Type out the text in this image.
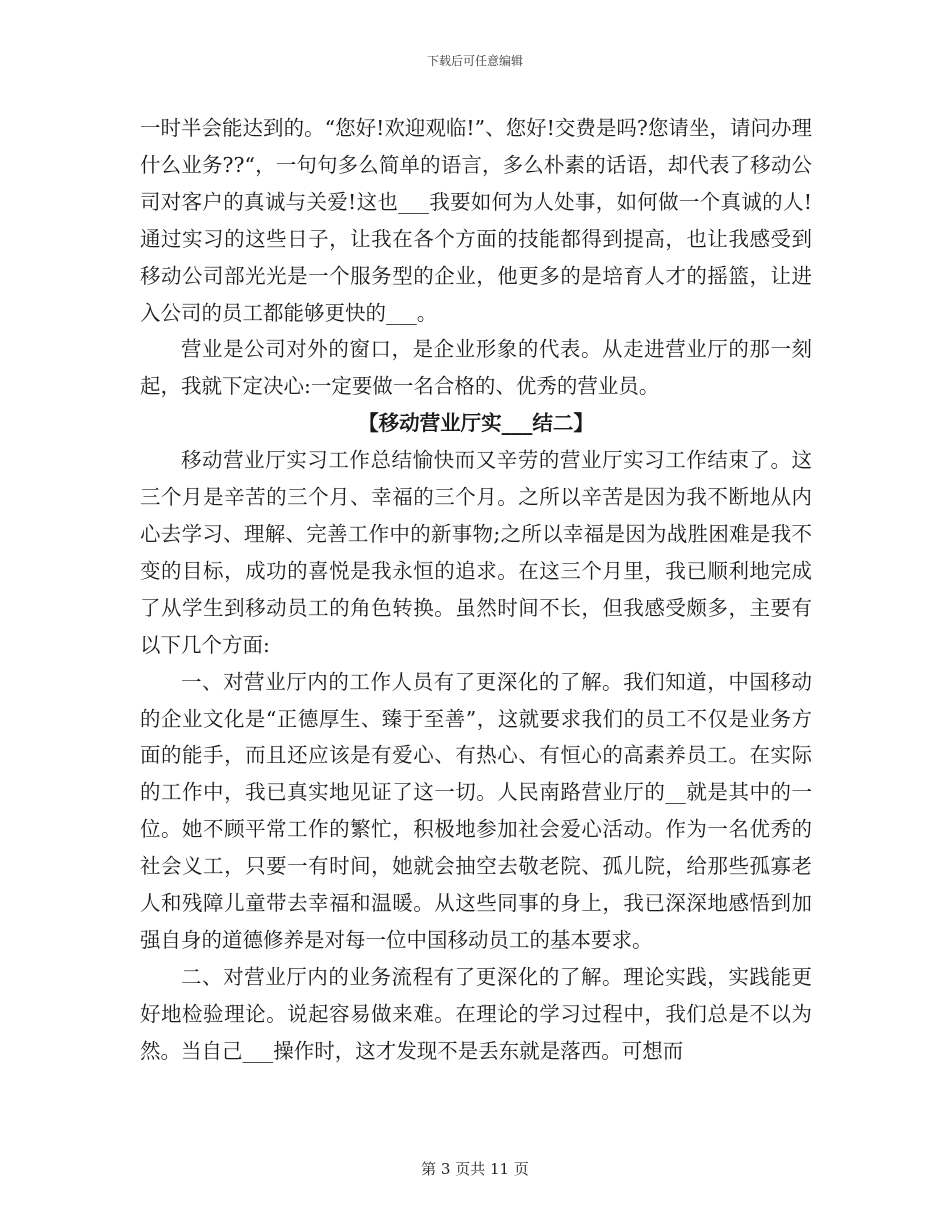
下载后可任意编辑

一时半会能达到的。“您好!欢迎观临!”、您好!交费是吗?您请坐，请问办理什么业务??“，一句句多么简单的语言，多么朴素的话语，却代表了移动公司对客户的真诚与关爱!这也___我要如何为人处事，如何做一个真诚的人!通过实习的这些日子，让我在各个方面的技能都得到提高，也让我感受到移动公司部光光是一个服务型的企业，他更多的是培育人才的摇篮，让进入公司的员工都能够更快的___。

营业是公司对外的窗口，是企业形象的代表。从走进营业厅的那一刻起，我就下定决心:一定要做一名合格的、优秀的营业员。

【移动营业厅实___结二】

移动营业厅实习工作总结愉快而又辛劳的营业厅实习工作结束了。这三个月是辛苦的三个月、幸福的三个月。之所以辛苦是因为我不断地从内心去学习、理解、完善工作中的新事物;之所以幸福是因为战胜困难是我不变的目标，成功的喜悦是我永恒的追求。在这三个月里，我已顺利地完成了从学生到移动员工的角色转换。虽然时间不长，但我感受颇多，主要有以下几个方面:

一、对营业厅内的工作人员有了更深化的了解。我们知道，中国移动的企业文化是“正德厚生、臻于至善”，这就要求我们的员工不仅是业务方面的能手，而且还应该是有爱心、有热心、有恒心的高素养员工。在实际的工作中，我已真实地见证了这一切。人民南路营业厅的__就是其中的一位。她不顾平常工作的繁忙，积极地参加社会爱心活动。作为一名优秀的社会义工，只要一有时间，她就会抽空去敬老院、孤儿院，给那些孤寡老人和残障儿童带去幸福和温暖。从这些同事的身上，我已深深地感悟到加强自身的道德修养是对每一位中国移动员工的基本要求。

二、对营业厅内的业务流程有了更深化的了解。理论实践，实践能更好地检验理论。说起容易做来难。在理论的学习过程中，我们总是不以为然。当自己___操作时，这才发现不是丢东就是落西。可想而

第 3 页共 11 页
